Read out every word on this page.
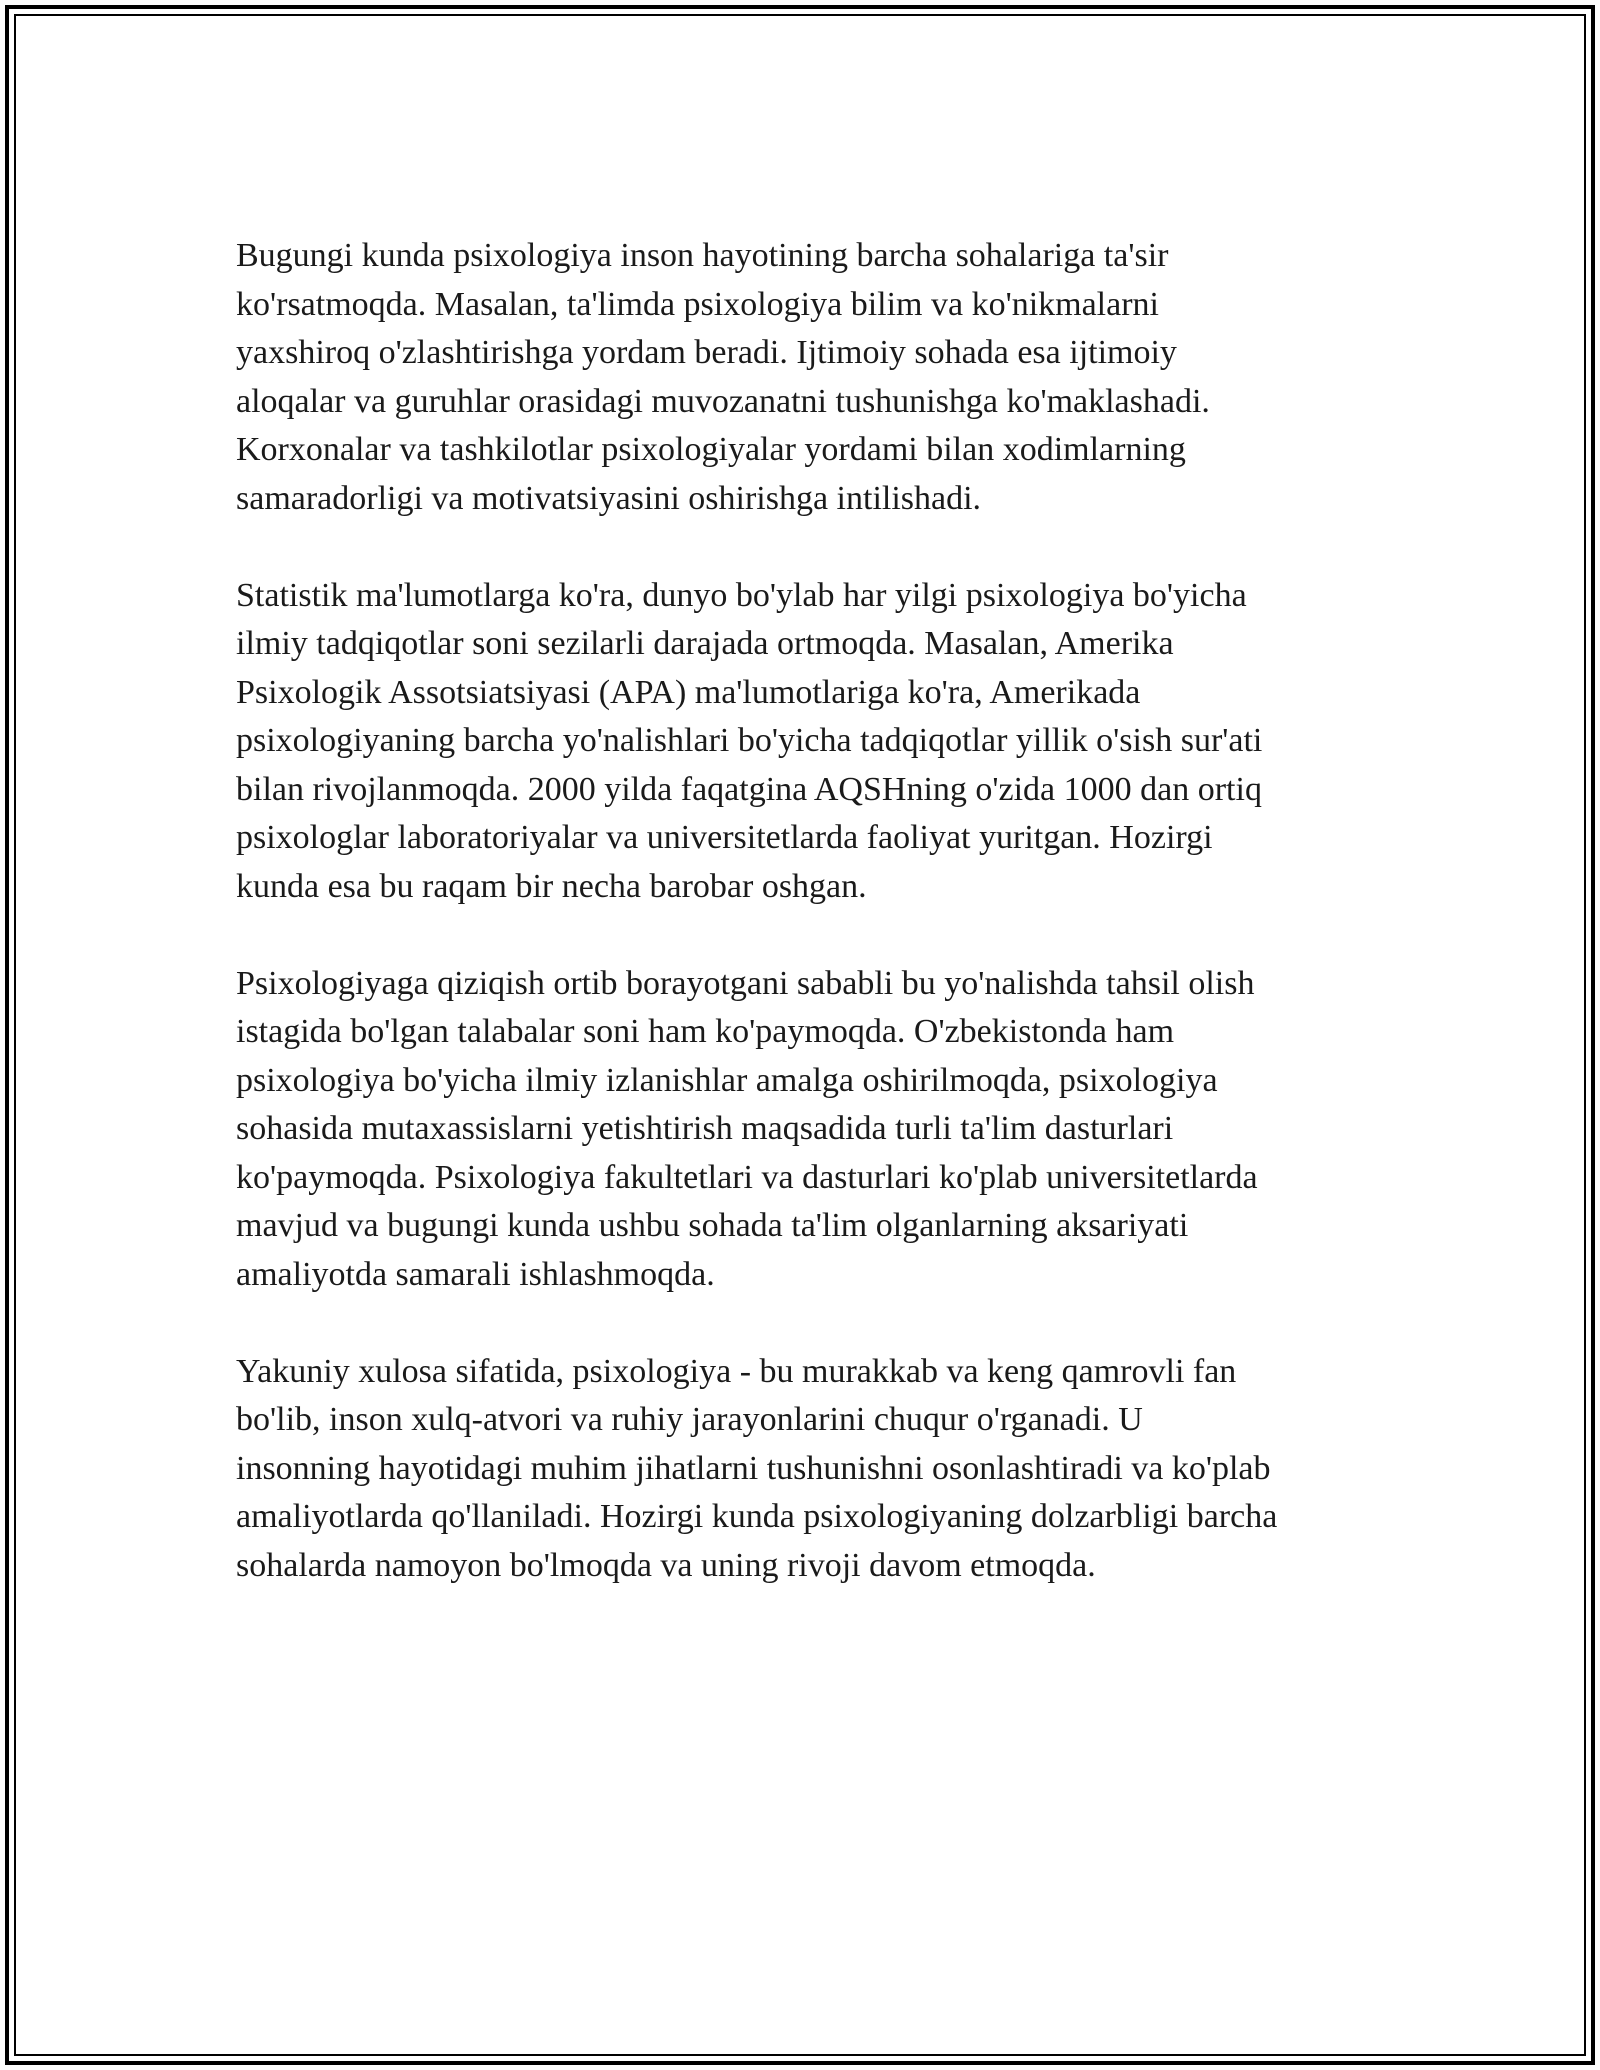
Bugungi kunda psixologiya inson hayotining barcha sohalariga ta'sir
ko'rsatmoqda. Masalan, ta'limda psixologiya bilim va ko'nikmalarni
yaxshiroq o'zlashtirishga yordam beradi. Ijtimoiy sohada esa ijtimoiy
aloqalar va guruhlar orasidagi muvozanatni tushunishga ko'maklashadi.
Korxonalar va tashkilotlar psixologiyalar yordami bilan xodimlarning
samaradorligi va motivatsiyasini oshirishga intilishadi.

Statistik ma'lumotlarga ko'ra, dunyo bo'ylab har yilgi psixologiya bo'yicha
ilmiy tadqiqotlar soni sezilarli darajada ortmoqda. Masalan, Amerika
Psixologik Assotsiatsiyasi (APA) ma'lumotlariga ko'ra, Amerikada
psixologiyaning barcha yo'nalishlari bo'yicha tadqiqotlar yillik o'sish sur'ati
bilan rivojlanmoqda. 2000 yilda faqatgina AQSHning o'zida 1000 dan ortiq
psixologlar laboratoriyalar va universitetlarda faoliyat yuritgan. Hozirgi
kunda esa bu raqam bir necha barobar oshgan.

Psixologiyaga qiziqish ortib borayotgani sababli bu yo'nalishda tahsil olish
istagida bo'lgan talabalar soni ham ko'paymoqda. O'zbekistonda ham
psixologiya bo'yicha ilmiy izlanishlar amalga oshirilmoqda, psixologiya
sohasida mutaxassislarni yetishtirish maqsadida turli ta'lim dasturlari
ko'paymoqda. Psixologiya fakultetlari va dasturlari ko'plab universitetlarda
mavjud va bugungi kunda ushbu sohada ta'lim olganlarning aksariyati
amaliyotda samarali ishlashmoqda.

Yakuniy xulosa sifatida, psixologiya - bu murakkab va keng qamrovli fan
bo'lib, inson xulq-atvori va ruhiy jarayonlarini chuqur o'rganadi. U
insonning hayotidagi muhim jihatlarni tushunishni osonlashtiradi va ko'plab
amaliyotlarda qo'llaniladi. Hozirgi kunda psixologiyaning dolzarbligi barcha
sohalarda namoyon bo'lmoqda va uning rivoji davom etmoqda.
